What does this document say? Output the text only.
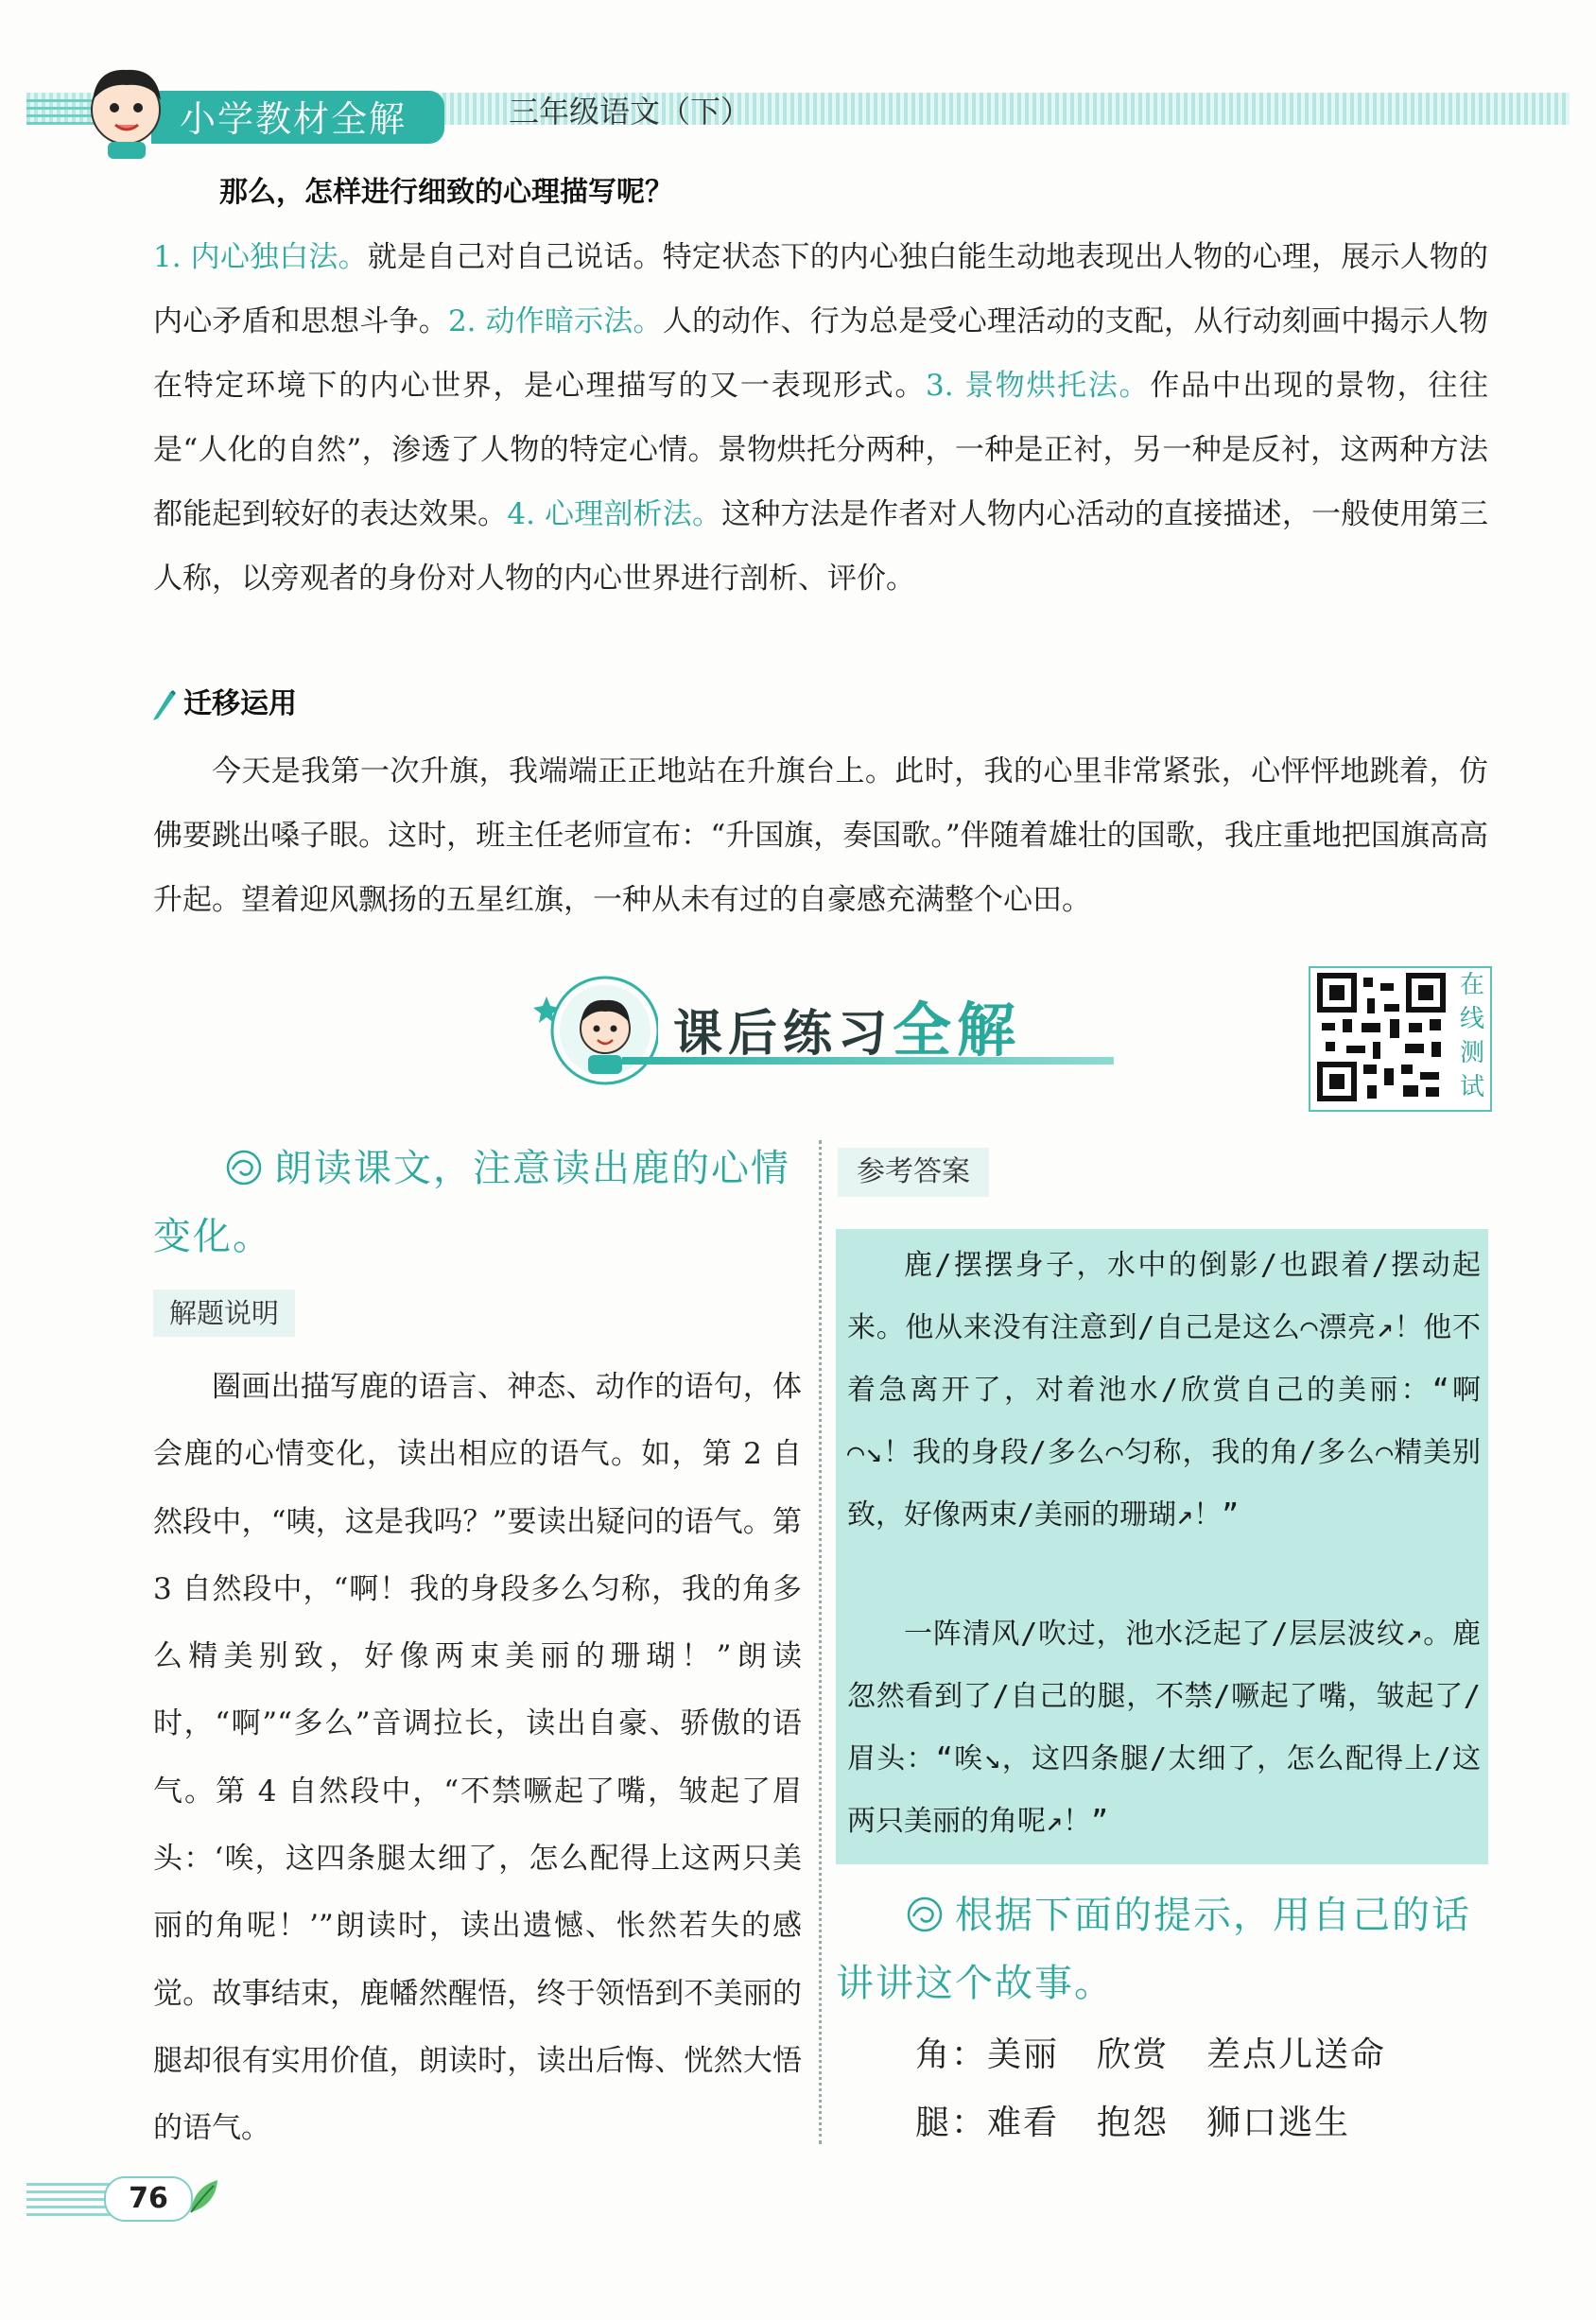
小学教材全解	三年级语文（下）
那么，怎样进行细致的心理描写呢？
1. 内心独白法。就是自己对自己说话。特定状态下的内心独白能生动地表现出人物的心理，展示人物的内心矛盾和思想斗争。2. 动作暗示法。人的动作、行为总是受心理活动的支配，从行动刻画中揭示人物在特定环境下的内心世界，是心理描写的又一表现形式。3. 景物烘托法。作品中出现的景物，往往是“人化的自然”，渗透了人物的特定心情。景物烘托分两种，一种是正衬，另一种是反衬，这两种方法都能起到较好的表达效果。4. 心理剖析法。这种方法是作者对人物内心活动的直接描述，一般使用第三人称，以旁观者的身份对人物的内心世界进行剖析、评价。
迁移运用
今天是我第一次升旗，我端端正正地站在升旗台上。此时，我的心里非常紧张，心怦怦地跳着，仿佛要跳出嗓子眼。这时，班主任老师宣布：“升国旗，奏国歌。”伴随着雄壮的国歌，我庄重地把国旗高高升起。望着迎风飘扬的五星红旗，一种从未有过的自豪感充满整个心田。
课后练习全解
在线测试
朗读课文，注意读出鹿的心情变化。
解题说明
圈画出描写鹿的语言、神态、动作的语句，体会鹿的心情变化，读出相应的语气。如，第 2 自然段中，“咦，这是我吗？”要读出疑问的语气。第 3 自然段中，“啊！我的身段多么匀称，我的角多么精美别致，好像两束美丽的珊瑚！”朗读时，“啊”“多么”音调拉长，读出自豪、骄傲的语气。第 4 自然段中，“不禁噘起了嘴，皱起了眉头：‘唉，这四条腿太细了，怎么配得上这两只美丽的角呢！’”朗读时，读出遗憾、怅然若失的感觉。故事结束，鹿幡然醒悟，终于领悟到不美丽的腿却很有实用价值，朗读时，读出后悔、恍然大悟的语气。
参考答案
鹿/摆摆身子，水中的倒影/也跟着/摆动起来。他从来没有注意到/自己是这么⌒漂亮↗！他不着急离开了，对着池水/欣赏自己的美丽：“啊⌒↘！我的身段/多么⌒匀称，我的角/多么⌒精美别致，好像两束/美丽的珊瑚↗！”
一阵清风/吹过，池水泛起了/层层波纹↗。鹿忽然看到了/自己的腿，不禁/噘起了嘴，皱起了/眉头：“唉↘，这四条腿/太细了，怎么配得上/这两只美丽的角呢↗！”
根据下面的提示，用自己的话讲讲这个故事。
角：美丽 欣赏 差点儿送命
腿：难看 抱怨 狮口逃生
76
